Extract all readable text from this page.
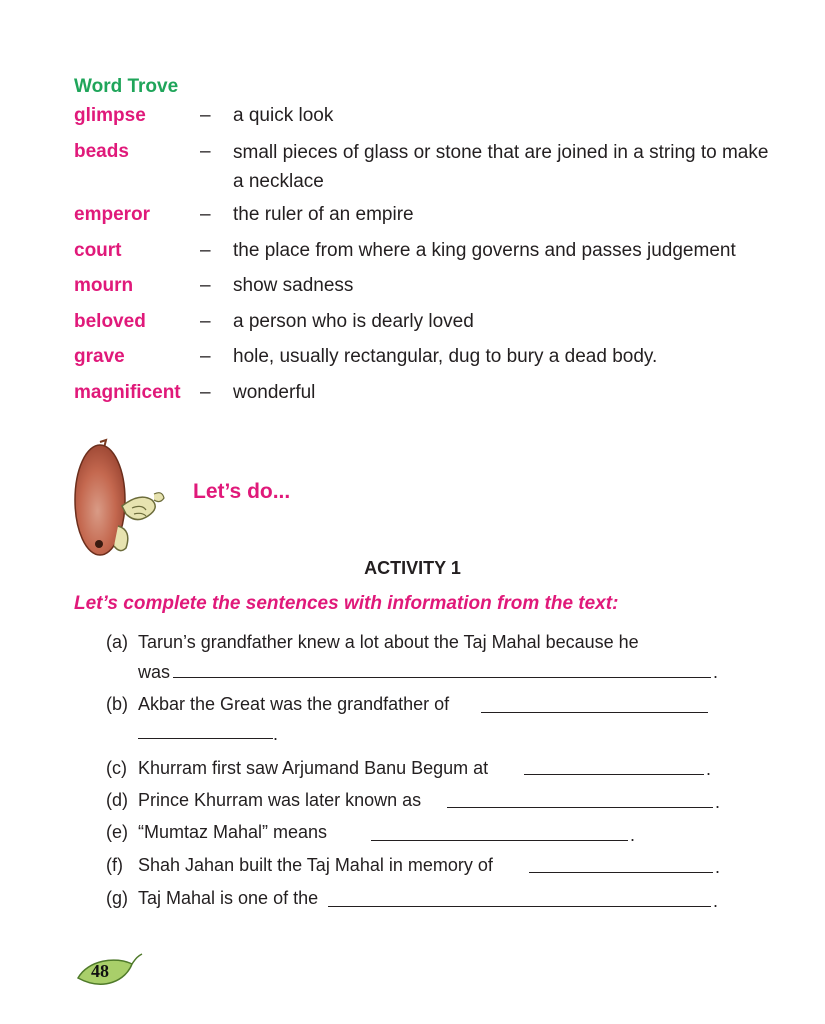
Word Trove
glimpse	– a quick look
beads	– small pieces of glass or stone that are joined in a string to make a necklace
emperor	– the ruler of an empire
court	– the place from where a king governs and passes judgement
mourn	– show sadness
beloved	– a person who is dearly loved
grave	– hole, usually rectangular, dug to bury a dead body.
magnificent – wonderful
Let’s do...
ACTIVITY 1
Let’s complete the sentences with information from the text:
(a) Tarun’s grandfather knew a lot about the Taj Mahal because he
was	.
(b) Akbar the Great was the grandfather of
.
(c) Khurram first saw Arjumand Banu Begum at	.
(d) Prince Khurram was later known as	.
(e) “Mumtaz Mahal” means	.
(f) Shah Jahan built the Taj Mahal in memory of	.
(g) Taj Mahal is one of the	.
48
